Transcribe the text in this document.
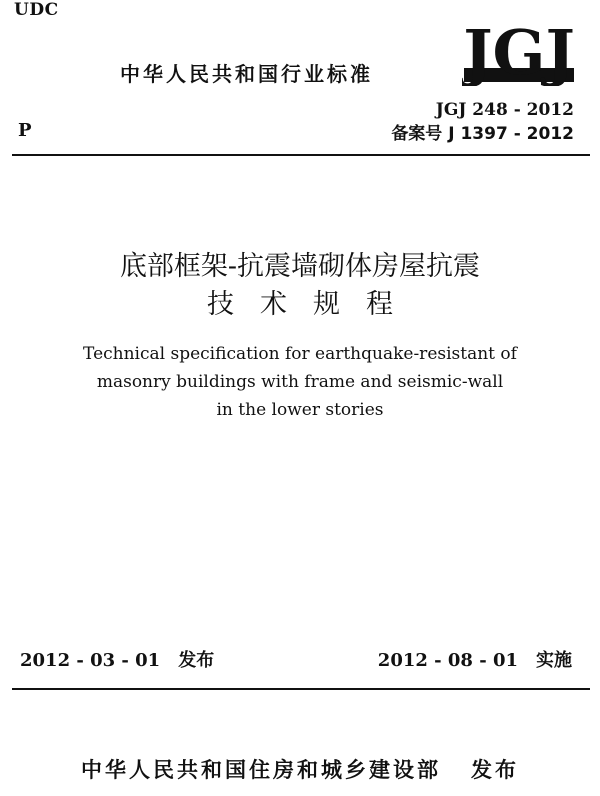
UDC
中华人民共和国行业标准 JGJ
P
JGJ 248 - 2012
备案号 J 1397 - 2012
底部框架-抗震墙砌体房屋抗震
技术规程
Technical specification for earthquake-resistant of
masonry buildings with frame and seismic-wall
in the lower stories
2012 - 03 - 01 发布	2012 - 08 - 01 实施
中华人民共和国住房和城乡建设部 发布
